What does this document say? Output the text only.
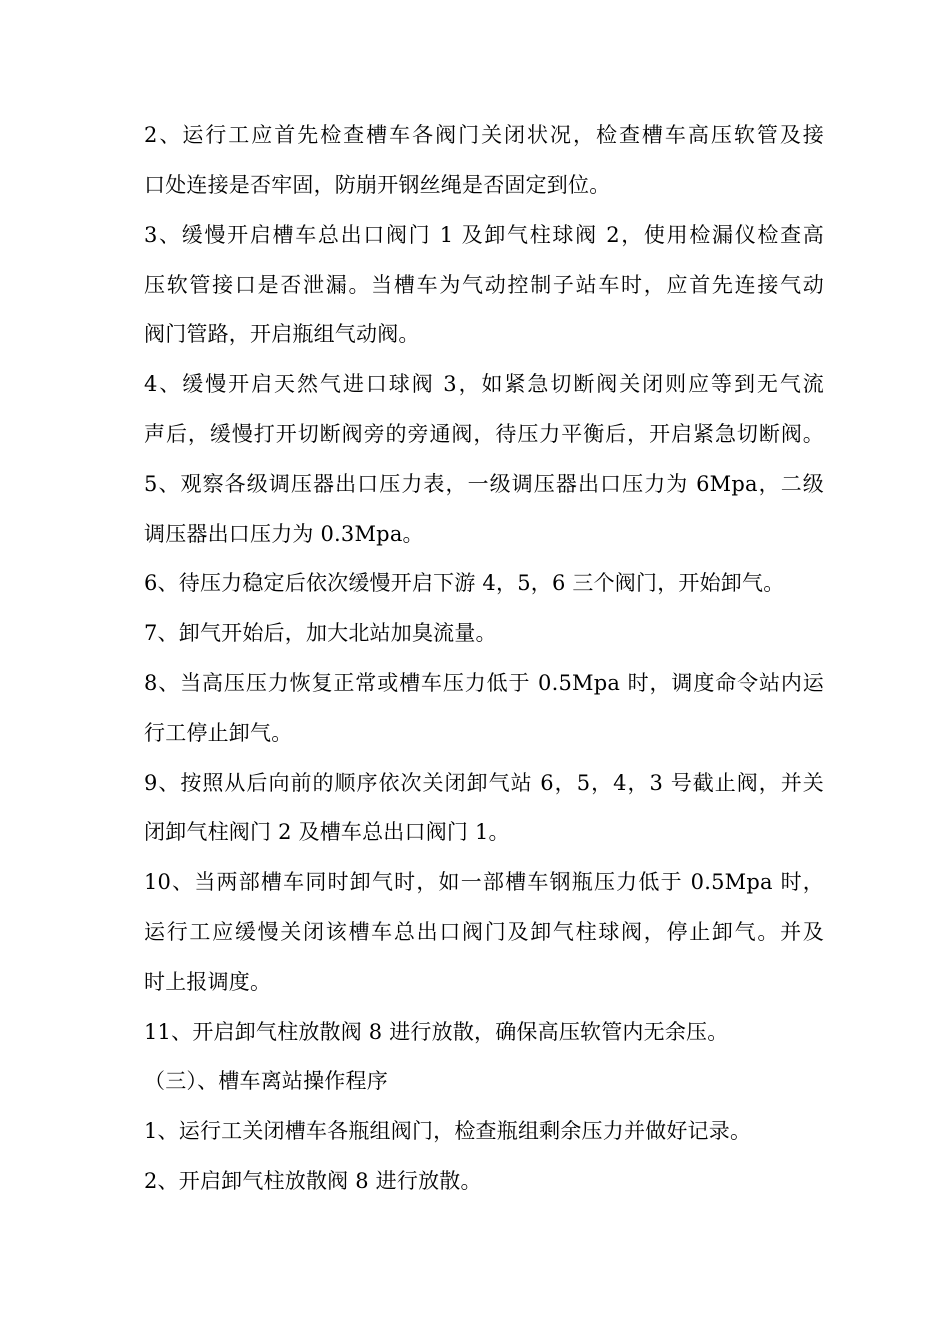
2、运行工应首先检查槽车各阀门关闭状况，检查槽车高压软管及接

口处连接是否牢固，防崩开钢丝绳是否固定到位。

3、缓慢开启槽车总出口阀门 1 及卸气柱球阀 2，使用检漏仪检查高

压软管接口是否泄漏。当槽车为气动控制子站车时，应首先连接气动

阀门管路，开启瓶组气动阀。

4、缓慢开启天然气进口球阀 3，如紧急切断阀关闭则应等到无气流

声后，缓慢打开切断阀旁的旁通阀，待压力平衡后，开启紧急切断阀。

5、观察各级调压器出口压力表，一级调压器出口压力为 6Mpa，二级

调压器出口压力为 0.3Mpa。

6、待压力稳定后依次缓慢开启下游 4，5，6 三个阀门，开始卸气。

7、卸气开始后，加大北站加臭流量。

8、当高压压力恢复正常或槽车压力低于 0.5Mpa 时，调度命令站内运

行工停止卸气。

9、按照从后向前的顺序依次关闭卸气站 6，5，4，3 号截止阀，并关

闭卸气柱阀门 2 及槽车总出口阀门 1。

10、当两部槽车同时卸气时，如一部槽车钢瓶压力低于 0.5Mpa 时，

运行工应缓慢关闭该槽车总出口阀门及卸气柱球阀，停止卸气。并及

时上报调度。

11、开启卸气柱放散阀 8 进行放散，确保高压软管内无余压。

（三）、槽车离站操作程序

1、运行工关闭槽车各瓶组阀门，检查瓶组剩余压力并做好记录。

2、开启卸气柱放散阀 8 进行放散。
